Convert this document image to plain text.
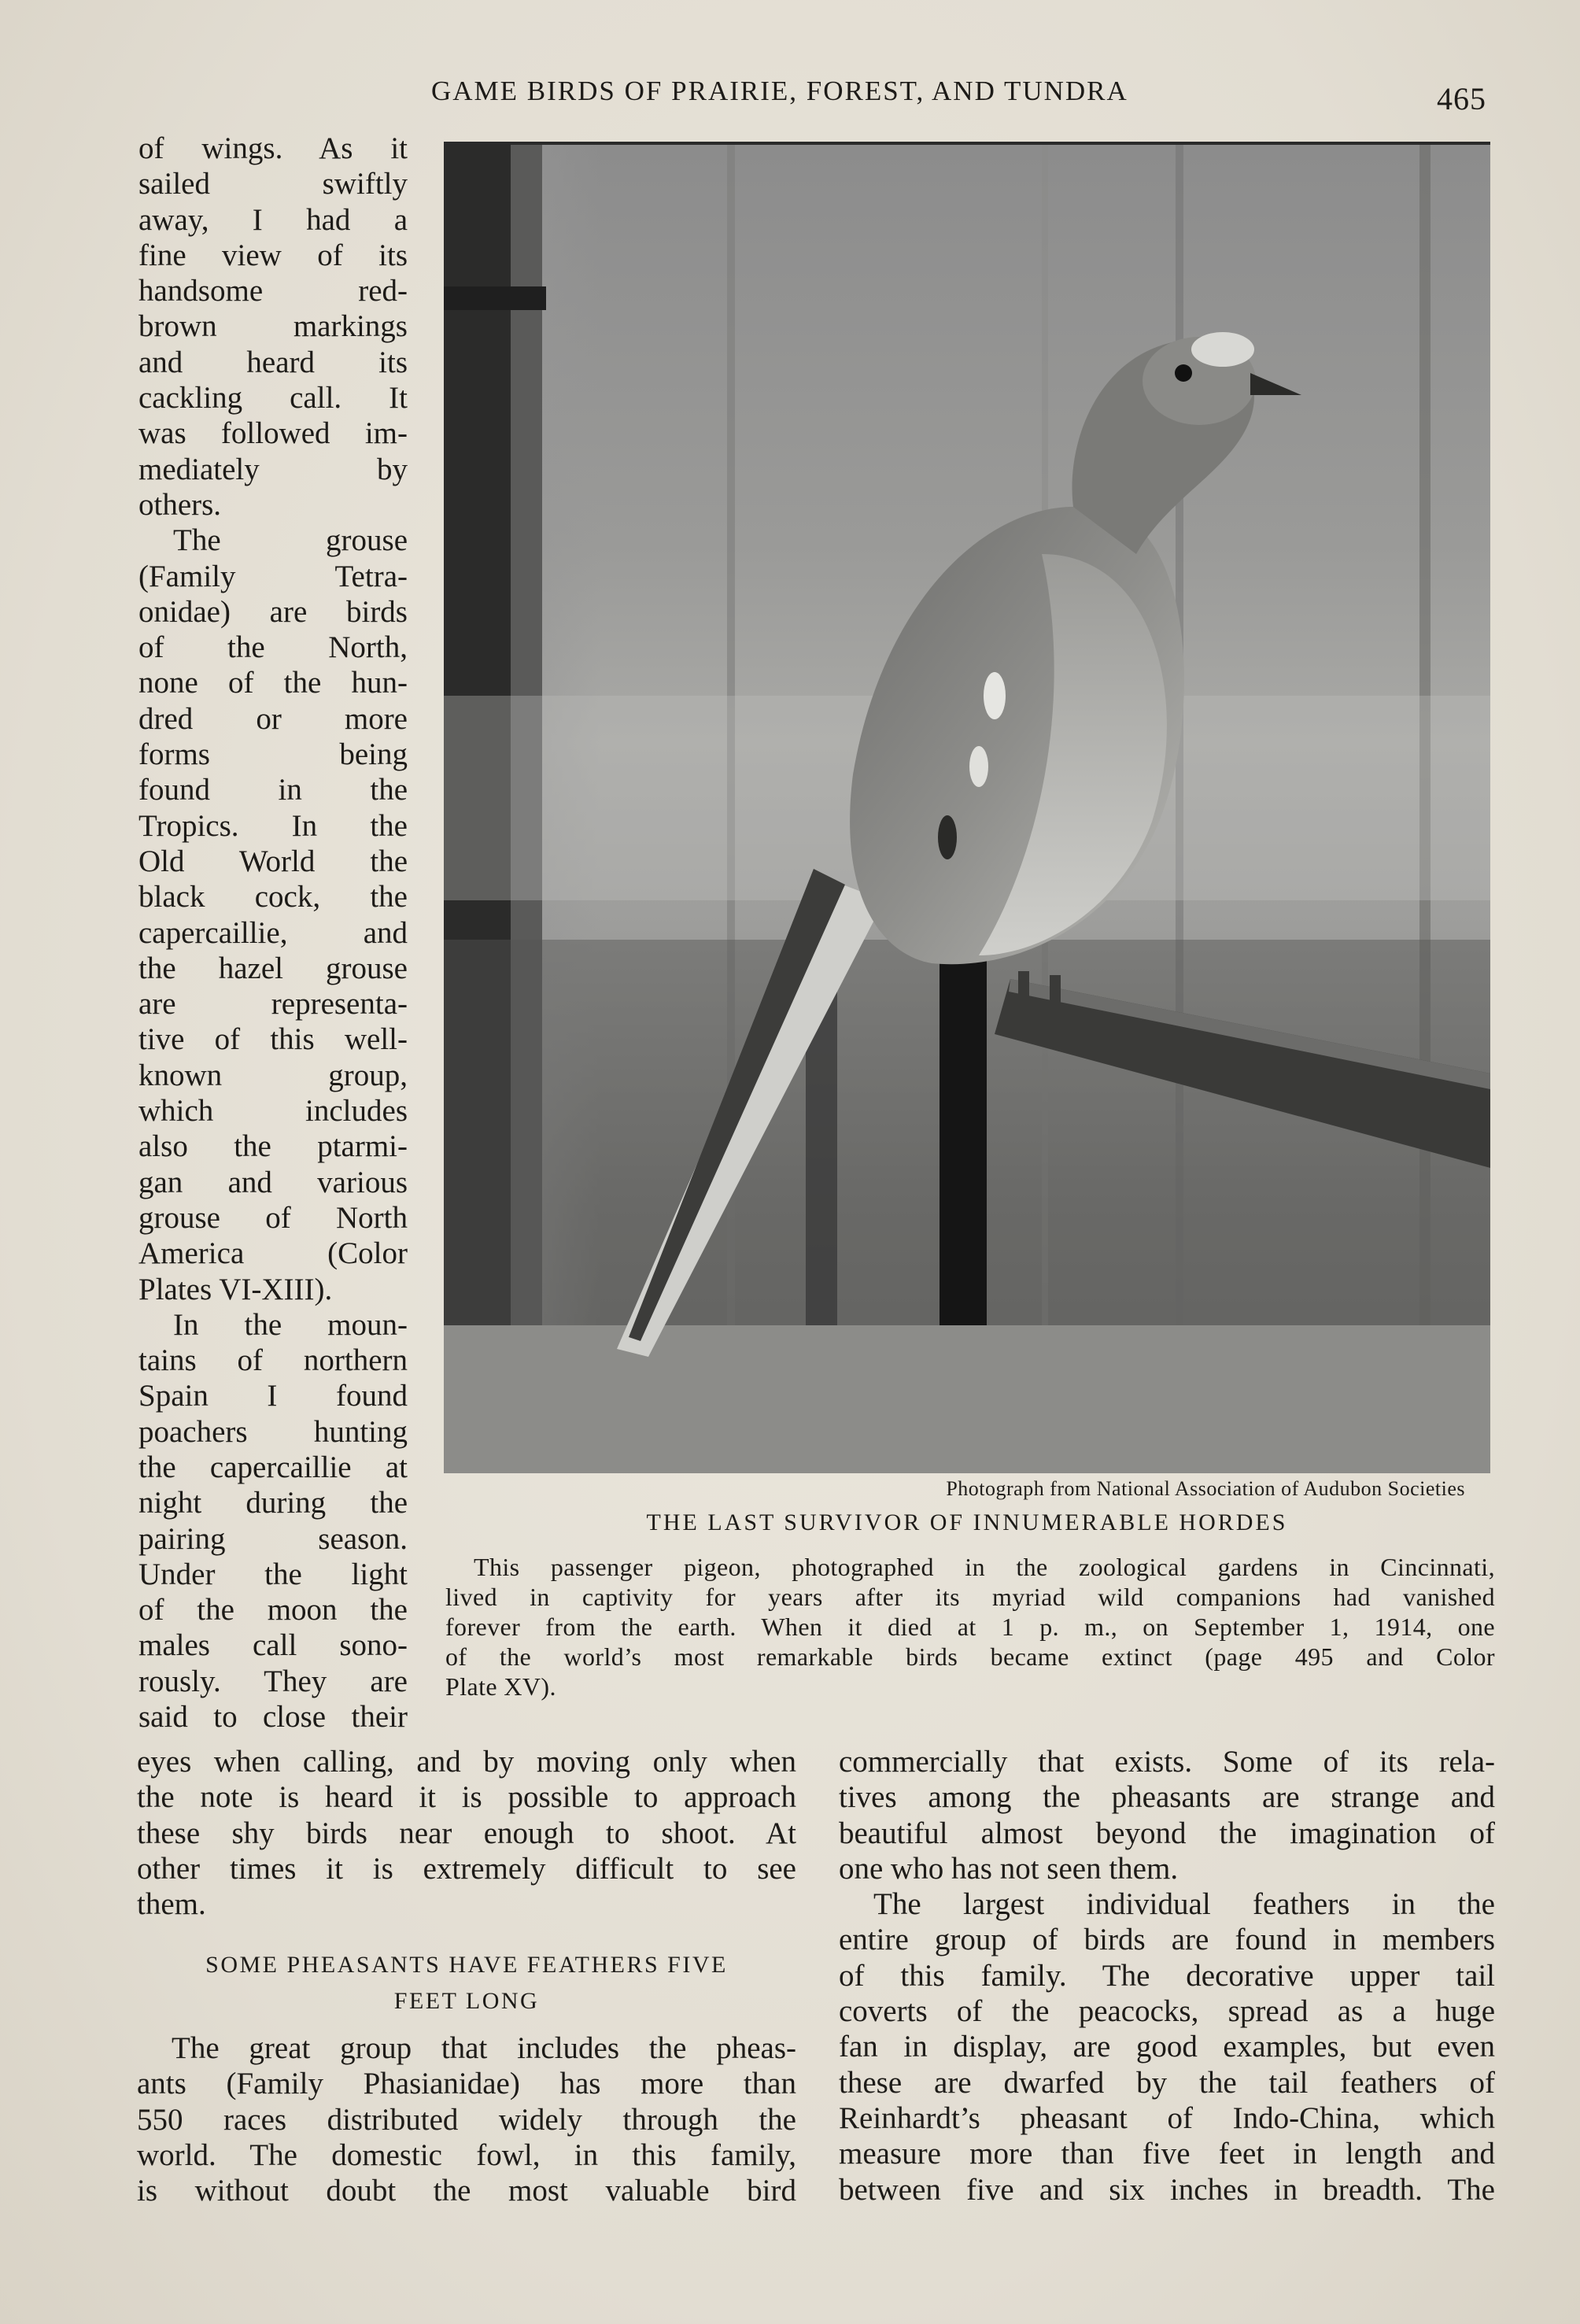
GAME BIRDS OF PRAIRIE, FOREST, AND TUNDRA	465
of wings. As it
sailed swiftly
away, I had a
fine view of its
handsome red-
brown markings
and heard its
cackling call. It
was followed im-
mediately by
others.
The grouse
(Family Tetra-
onidae) are birds
of the North,
none of the hun-
dred or more
forms being
found in the
Tropics. In the
Old World the
black cock, the
capercaillie, and
the hazel grouse
are representa-
tive of this well-
known group,
which includes
also the ptarmi-
gan and various
grouse of North
America (Color
Plates VI-XIII).
In the moun-
tains of northern
Spain I found
poachers hunting
the capercaillie at
night during the
pairing season.
Under the light
of the moon the
males call sono-
rously. They are
said to close their
Photograph from National Association of Audubon Societies
THE LAST SURVIVOR OF INNUMERABLE HORDES
This passenger pigeon, photographed in the zoological gardens in Cincinnati,
lived in captivity for years after its myriad wild companions had vanished
forever from the earth. When it died at 1 p. m., on September 1, 1914, one
of the world’s most remarkable birds became extinct (page 495 and Color
Plate XV).
eyes when calling, and by moving only when
the note is heard it is possible to approach
these shy birds near enough to shoot. At
other times it is extremely difficult to see
them.
SOME PHEASANTS HAVE FEATHERS FIVE
FEET LONG
The great group that includes the pheas-
ants (Family Phasianidae) has more than
550 races distributed widely through the
world. The domestic fowl, in this family,
is without doubt the most valuable bird
commercially that exists. Some of its rela-
tives among the pheasants are strange and
beautiful almost beyond the imagination of
one who has not seen them.
The largest individual feathers in the
entire group of birds are found in members
of this family. The decorative upper tail
coverts of the peacocks, spread as a huge
fan in display, are good examples, but even
these are dwarfed by the tail feathers of
Reinhardt’s pheasant of Indo-China, which
measure more than five feet in length and
between five and six inches in breadth. The
